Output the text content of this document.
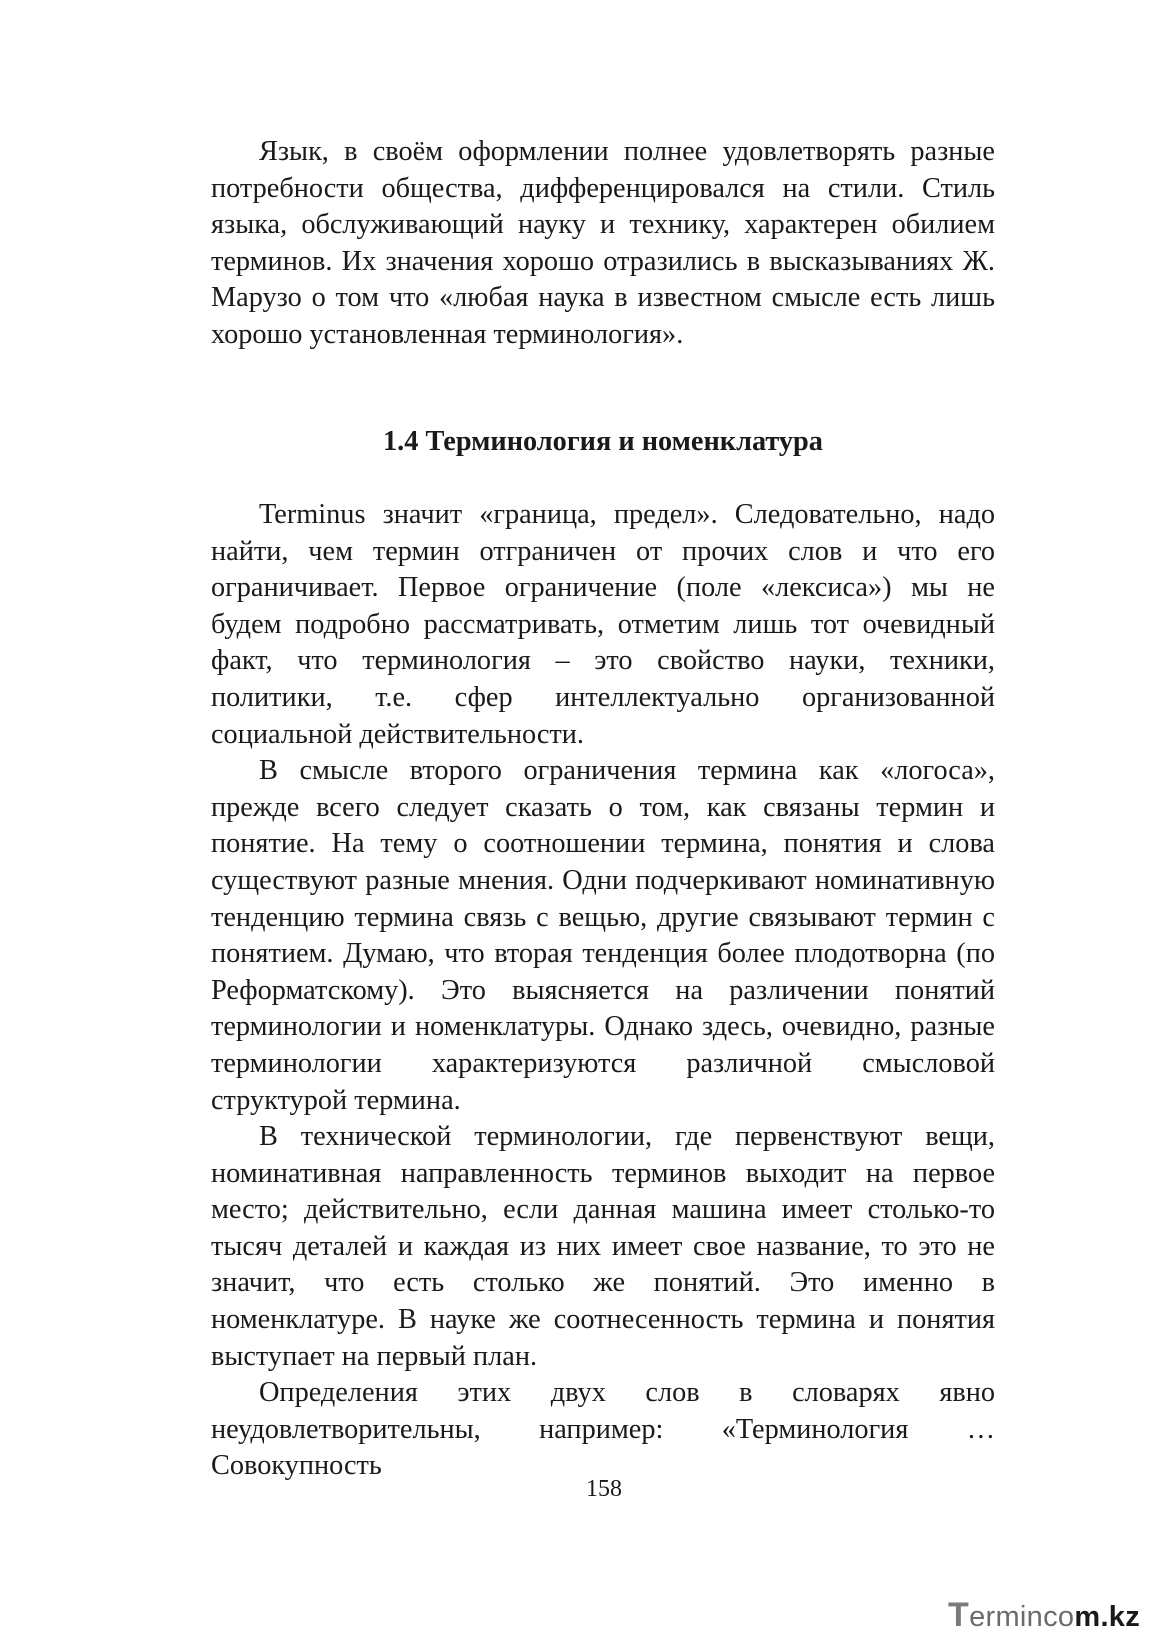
Язык, в своём оформлении полнее удовлетворять разные потребности общества, дифференцировался на стили. Стиль языка, обслуживающий науку и технику, характерен обилием терминов. Их значения хорошо отразились в высказываниях Ж. Марузо о том что «любая наука в известном смысле есть лишь хорошо установленная терминология».

1.4 Терминология и номенклатура

Terminus значит «граница, предел». Следовательно, надо найти, чем термин отграничен от прочих слов и что его ограничивает. Первое ограничение (поле «лексиса») мы не будем подробно рассматривать, отметим лишь тот очевидный факт, что терминология – это свойство науки, техники, политики, т.е. сфер интеллектуально организованной социальной действительности.

В смысле второго ограничения термина как «логоса», прежде всего следует сказать о том, как связаны термин и понятие. На тему о соотношении термина, понятия и слова существуют разные мнения. Одни подчеркивают номинативную тенденцию термина связь с вещью, другие связывают термин с понятием. Думаю, что вторая тенденция более плодотворна (по Реформатскому). Это выясняется на различении понятий терминологии и номенклатуры. Однако здесь, очевидно, разные терминологии характеризуются различной смысловой структурой термина.

В технической терминологии, где первенствуют вещи, номинативная направленность терминов выходит на первое место; действительно, если данная машина имеет столько-то тысяч деталей и каждая из них имеет свое название, то это не значит, что есть столько же понятий. Это именно в номенклатуре. В науке же соотнесенность термина и понятия выступает на первый план.

Определения этих двух слов в словарях явно неудовлетворительны, например: «Терминология …Совокупность

158
Termincom.kz
